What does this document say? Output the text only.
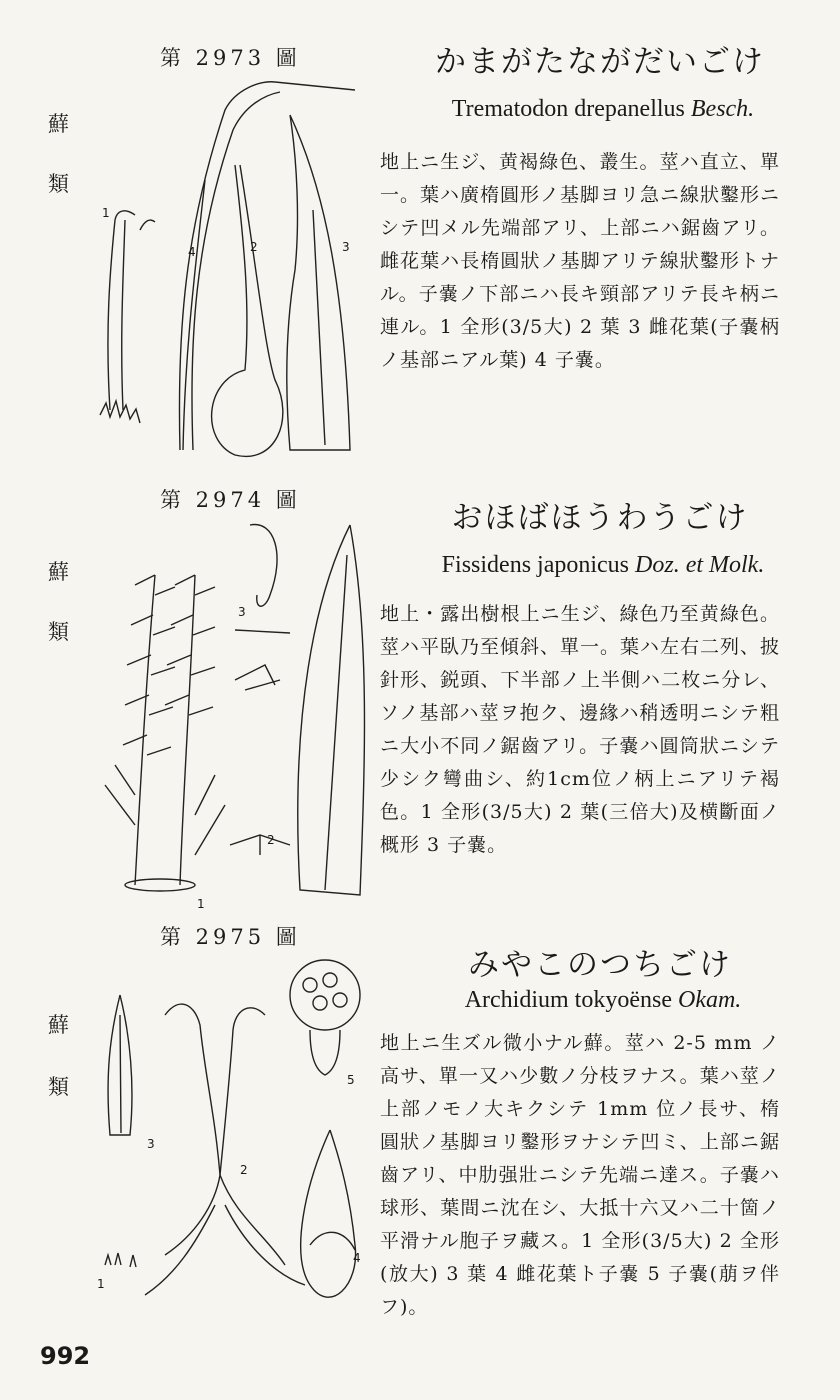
第 2973 圖
蘚
類
1
2	3
4
かまがたながだいごけ
Trematodon drepanellus Besch.
地上ニ生ジ、黄褐綠色、叢生。莖ハ直立、單一。葉ハ廣楕圓形ノ基脚ヨリ急ニ線狀鑿形ニシテ凹メル先端部アリ、上部ニハ鋸齒アリ。雌花葉ハ長楕圓狀ノ基脚アリテ線狀鑿形トナル。子嚢ノ下部ニハ長キ頸部アリテ長キ柄ニ連ル。1 全形(3/5大) 2 葉 3 雌花葉(子嚢柄ノ基部ニアル葉) 4 子嚢。
第 2974 圖
蘚
類
1
2
3
おほばほうわうごけ
Fissidens japonicus Doz. et Molk.
地上・露出樹根上ニ生ジ、綠色乃至黄綠色。莖ハ平臥乃至傾斜、單一。葉ハ左右二列、披針形、鋭頭、下半部ノ上半側ハ二枚ニ分レ、ソノ基部ハ莖ヲ抱ク、邊緣ハ稍透明ニシテ粗ニ大小不同ノ鋸齒アリ。子嚢ハ圓筒狀ニシテ少シク彎曲シ、約1cm位ノ柄上ニアリテ褐色。1 全形(3/5大) 2 葉(三倍大)及横斷面ノ概形 3 子嚢。
第 2975 圖
蘚
類	5
3
2
4
1
みやこのつちごけ
Archidium tokyoënse Okam.
地上ニ生ズル微小ナル蘚。莖ハ 2-5 mm ノ高サ、單一又ハ少數ノ分枝ヲナス。葉ハ莖ノ上部ノモノ大キクシテ 1mm 位ノ長サ、楕圓狀ノ基脚ヨリ鑿形ヲナシテ凹ミ、上部ニ鋸齒アリ、中肋强壯ニシテ先端ニ達ス。子嚢ハ球形、葉間ニ沈在シ、大抵十六又ハ二十箇ノ平滑ナル胞子ヲ藏ス。1 全形(3/5大) 2 全形(放大) 3 葉 4 雌花葉ト子嚢 5 子嚢(萠ヲ伴フ)。
992
